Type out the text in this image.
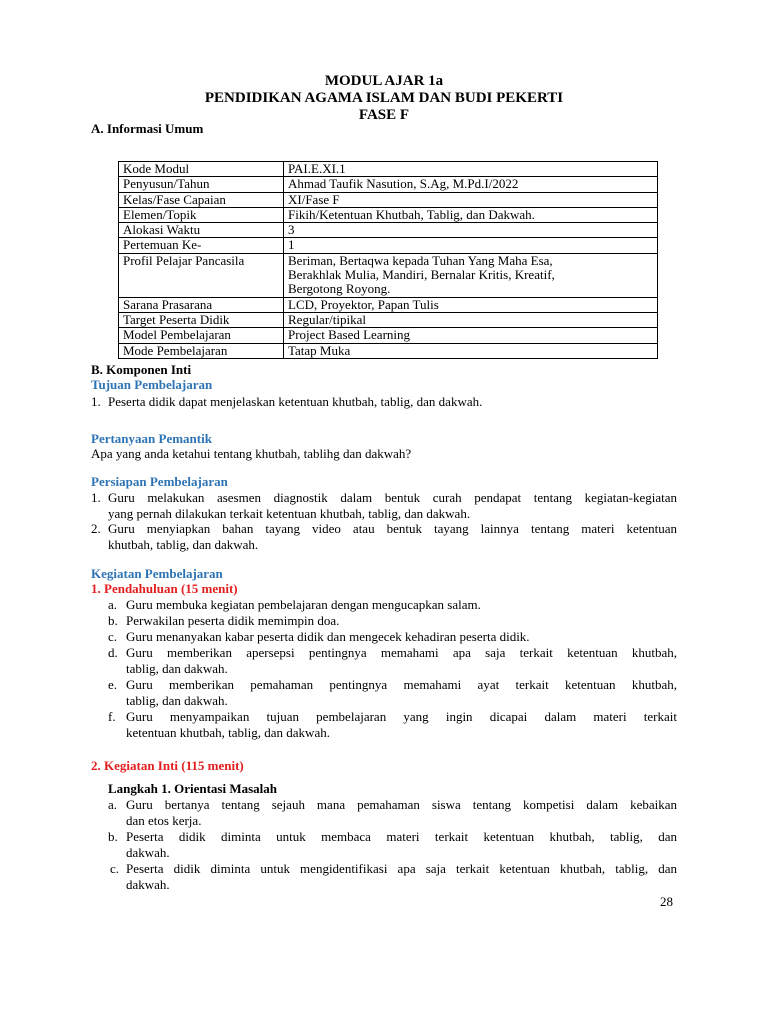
MODUL AJAR 1a
PENDIDIKAN AGAMA ISLAM DAN BUDI PEKERTI
FASE F
A. Informasi Umum
Kode Modul	PAI.E.XI.1
Penyusun/Tahun	Ahmad Taufik Nasution, S.Ag, M.Pd.I/2022
Kelas/Fase Capaian	XI/Fase F
Elemen/Topik	Fikih/Ketentuan Khutbah, Tablig, dan Dakwah.
Alokasi Waktu	3
Pertemuan Ke-	1
Profil Pelajar Pancasila	Beriman, Bertaqwa kepada Tuhan Yang Maha Esa,
Berakhlak Mulia, Mandiri, Bernalar Kritis, Kreatif,
Bergotong Royong.

Sarana Prasarana	LCD, Proyektor, Papan Tulis
Target Peserta Didik	Regular/tipikal
Model Pembelajaran	Project Based Learning
Mode Pembelajaran	Tatap Muka
B. Komponen Inti
Tujuan Pembelajaran
1. Peserta didik dapat menjelaskan ketentuan khutbah, tablig, dan dakwah.
Pertanyaan Pemantik
Apa yang anda ketahui tentang khutbah, tablihg dan dakwah?
Persiapan Pembelajaran
1. Guru melakukan asesmen diagnostik dalam bentuk curah pendapat tentang kegiatan-kegiatan
yang pernah dilakukan terkait ketentuan khutbah, tablig, dan dakwah.
2. Guru menyiapkan bahan tayang video atau bentuk tayang lainnya tentang materi ketentuan
khutbah, tablig, dan dakwah.
Kegiatan Pembelajaran
1. Pendahuluan (15 menit)
a. Guru membuka kegiatan pembelajaran dengan mengucapkan salam.
b. Perwakilan peserta didik memimpin doa.
c. Guru menanyakan kabar peserta didik dan mengecek kehadiran peserta didik.
d. Guru memberikan apersepsi pentingnya memahami apa saja terkait ketentuan khutbah,
tablig, dan dakwah.
e. Guru memberikan pemahaman pentingnya memahami ayat terkait ketentuan khutbah,
tablig, dan dakwah.
f. Guru menyampaikan tujuan pembelajaran yang ingin dicapai dalam materi terkait
ketentuan khutbah, tablig, dan dakwah.
2. Kegiatan Inti (115 menit)
Langkah 1. Orientasi Masalah
a. Guru bertanya tentang sejauh mana pemahaman siswa tentang kompetisi dalam kebaikan
dan etos kerja.
b. Peserta didik diminta untuk membaca materi terkait ketentuan khutbah, tablig, dan
dakwah.
c. Peserta didik diminta untuk mengidentifikasi apa saja terkait ketentuan khutbah, tablig, dan
dakwah.
28
